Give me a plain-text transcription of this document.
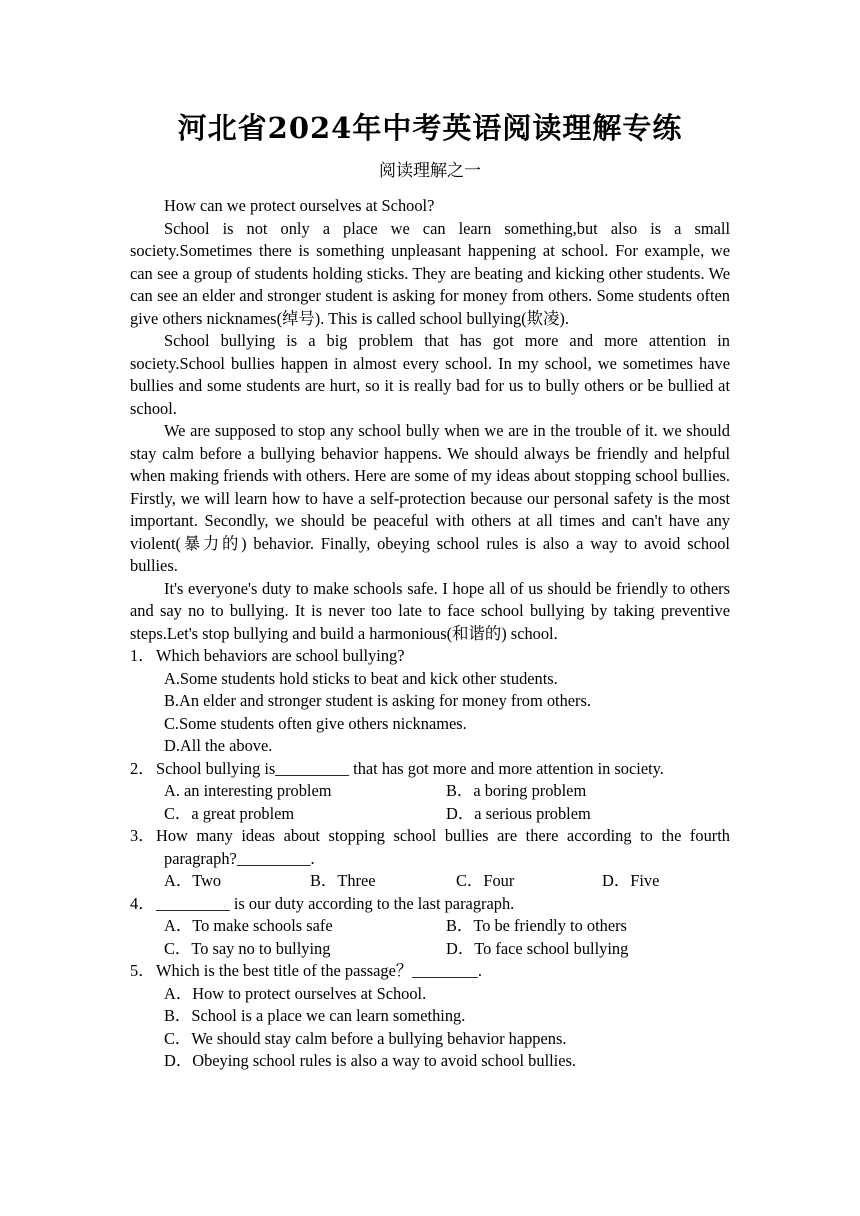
河北省2024年中考英语阅读理解专练
阅读理解之一

How can we protect ourselves at School?

School is not only a place we can learn something,but also is a small society.Sometimes there is something unpleasant happening at school. For example, we can see a group of students holding sticks. They are beating and kicking other students. We can see an elder and stronger student is asking for money from others. Some students often give others nicknames(绰号). This is called school bullying(欺凌).

School bullying is a big problem that has got more and more attention in society.School bullies happen in almost every school. In my school, we sometimes have bullies and some students are hurt, so it is really bad for us to bully others or be bullied at school.

We are supposed to stop any school bully when we are in the trouble of it. we should stay calm before a bullying behavior happens. We should always be friendly and helpful when making friends with others. Here are some of my ideas about stopping school bullies. Firstly, we will learn how to have a self-protection because our personal safety is the most important. Secondly, we should be peaceful with others at all times and can't have any violent(暴力的) behavior. Finally, obeying school rules is also a way to avoid school bullies.

It's everyone's duty to make schools safe. I hope all of us should be friendly to others and say no to bullying. It is never too late to face school bullying by taking preventive steps.Let's stop bullying and build a harmonious(和谐的) school.

1．Which behaviors are school bullying?

A.Some students hold sticks to beat and kick other students.

B.An elder and stronger student is asking for money from others.

C.Some students often give others nicknames.

D.All the above.

2．School bullying is_________ that has got more and more attention in society.

A. an interesting problem	B．a boring problem
C．a great problem	D．a serious problem

3．How many ideas about stopping school bullies are there according to the fourth paragraph?_________.

A．Two	B．Three	C．Four	D．Five

4．_________ is our duty according to the last paragraph.

A．To make schools safe	B．To be friendly to others
C．To say no to bullying	D．To face school bullying

5．Which is the best title of the passage？________.

A．How to protect ourselves at School.

B．School is a place we can learn something.

C．We should stay calm before a bullying behavior happens.

D．Obeying school rules is also a way to avoid school bullies.
